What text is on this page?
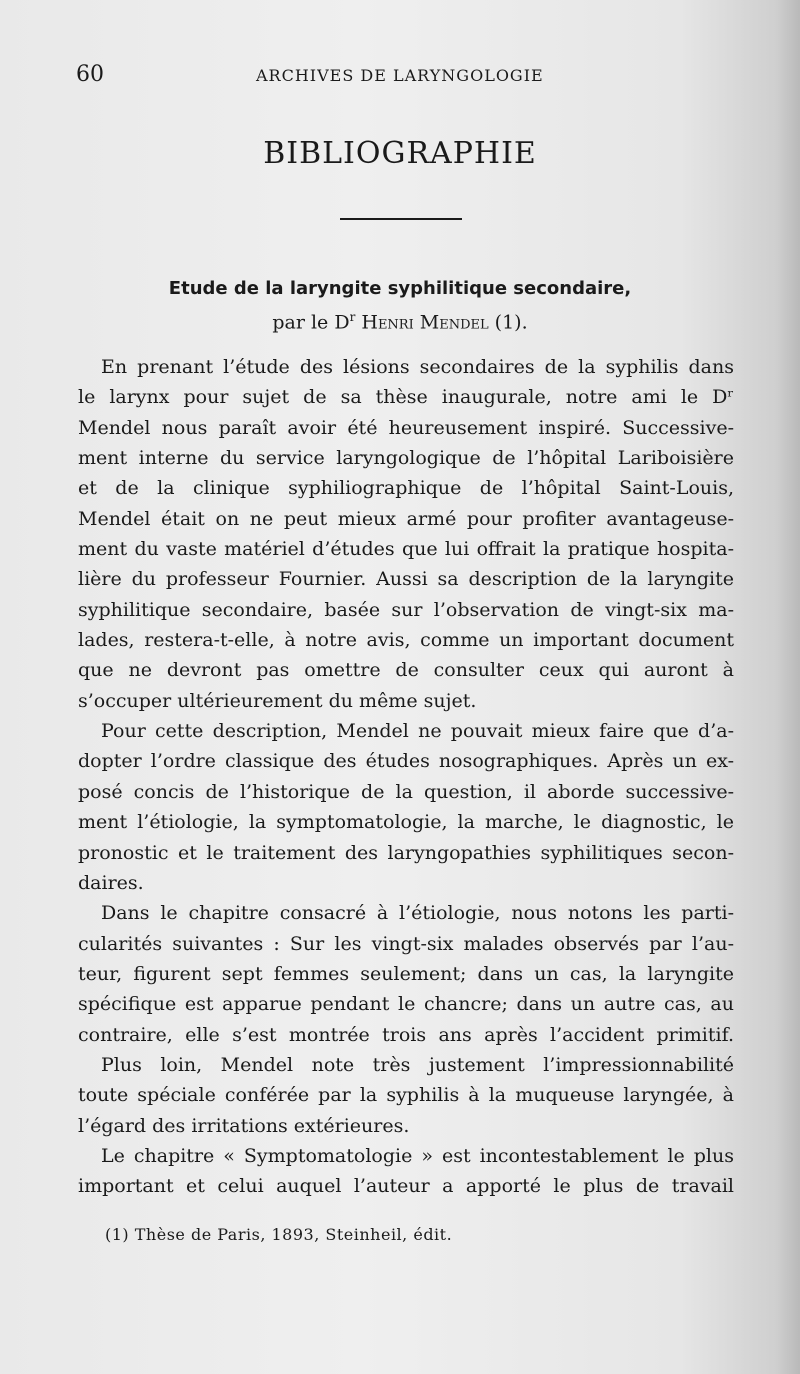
60	ARCHIVES DE LARYNGOLOGIE
BIBLIOGRAPHIE
Etude de la laryngite syphilitique secondaire,
par le $D^r$ Henri Mendel (1).
En prenant l’étude des lésions secondaires de la syphilis dans
le larynx pour sujet de sa thèse inaugurale, notre ami le Dʳ
Mendel nous paraît avoir été heureusement inspiré. Successive-
ment interne du service laryngologique de l’hôpital Lariboisière
et de la clinique syphiliographique de l’hôpital Saint-Louis,
Mendel était on ne peut mieux armé pour profiter avantageuse-
ment du vaste matériel d’études que lui offrait la pratique hospita-
lière du professeur Fournier. Aussi sa description de la laryngite
syphilitique secondaire, basée sur l’observation de vingt-six ma-
lades, restera-t-elle, à notre avis, comme un important document
que ne devront pas omettre de consulter ceux qui auront à
s’occuper ultérieurement du même sujet.
Pour cette description, Mendel ne pouvait mieux faire que d’a-
dopter l’ordre classique des études nosographiques. Après un ex-
posé concis de l’historique de la question, il aborde successive-
ment l’étiologie, la symptomatologie, la marche, le diagnostic, le
pronostic et le traitement des laryngopathies syphilitiques secon-
daires.
Dans le chapitre consacré à l’étiologie, nous notons les parti-
cularités suivantes : Sur les vingt-six malades observés par l’au-
teur, figurent sept femmes seulement; dans un cas, la laryngite
spécifique est apparue pendant le chancre; dans un autre cas, au
contraire, elle s’est montrée trois ans après l’accident primitif.
Plus loin, Mendel note très justement l’impressionnabilité
toute spéciale conférée par la syphilis à la muqueuse laryngée, à
l’égard des irritations extérieures.
Le chapitre « Symptomatologie » est incontestablement le plus
important et celui auquel l’auteur a apporté le plus de travail
(1) Thèse de Paris, 1893, Steinheil, édit.
